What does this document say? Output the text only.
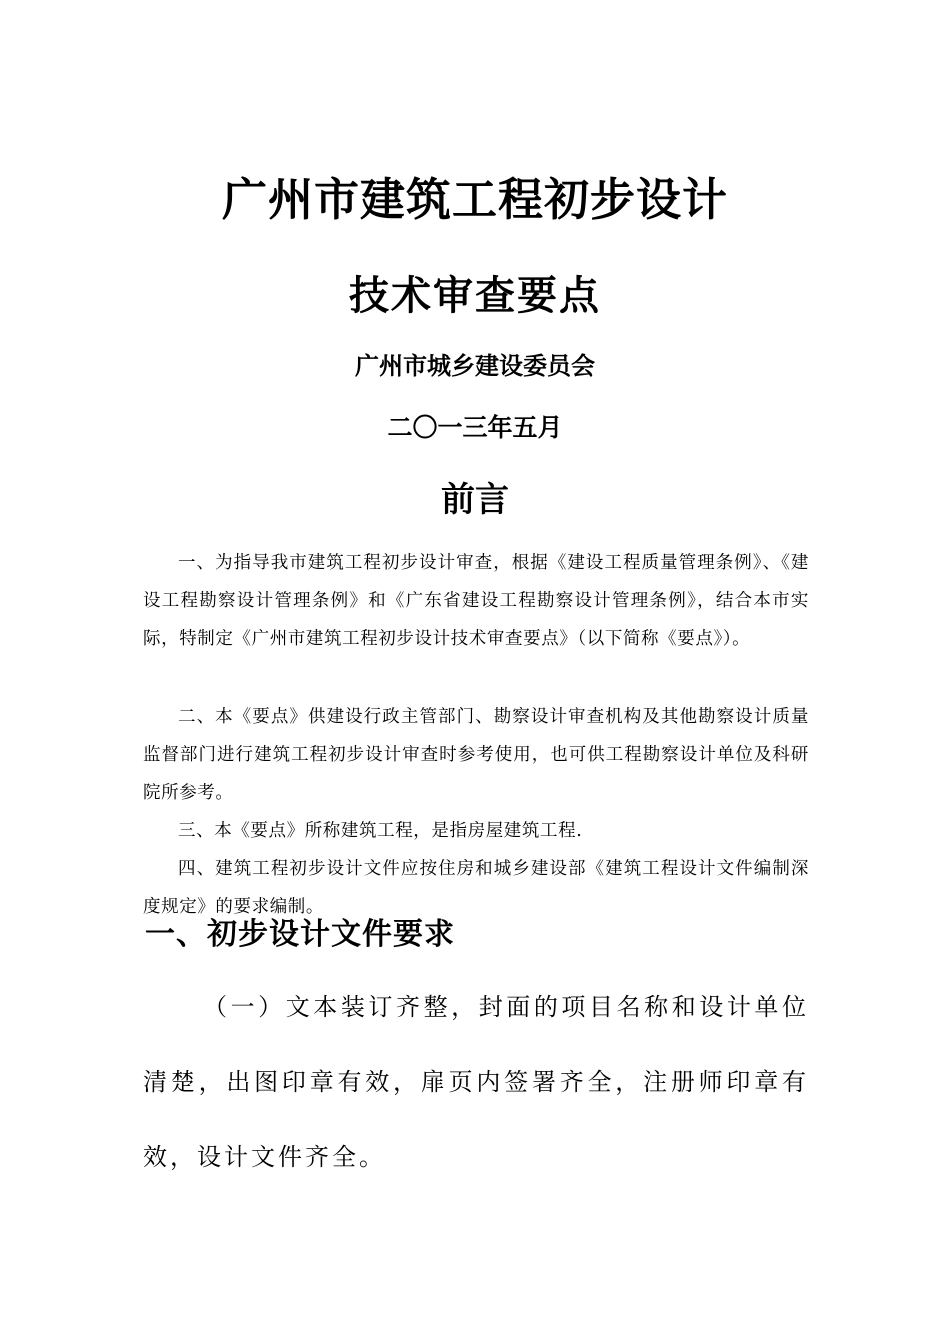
广州市建筑工程初步设计
技术审查要点
广州市城乡建设委员会
二〇一三年五月
前言

一、为指导我市建筑工程初步设计审查，根据《建设工程质量管理条例》、《建设工程勘察设计管理条例》和《广东省建设工程勘察设计管理条例》，结合本市实际，特制定《广州市建筑工程初步设计技术审查要点》（以下简称《要点》）。

二、本《要点》供建设行政主管部门、勘察设计审查机构及其他勘察设计质量监督部门进行建筑工程初步设计审查时参考使用，也可供工程勘察设计单位及科研院所参考。

三、本《要点》所称建筑工程，是指房屋建筑工程.

四、建筑工程初步设计文件应按住房和城乡建设部《建筑工程设计文件编制深度规定》的要求编制。

一、初步设计文件要求

（一）文本装订齐整，封面的项目名称和设计单位清楚，出图印章有效，扉页内签署齐全，注册师印章有效，设计文件齐全。
